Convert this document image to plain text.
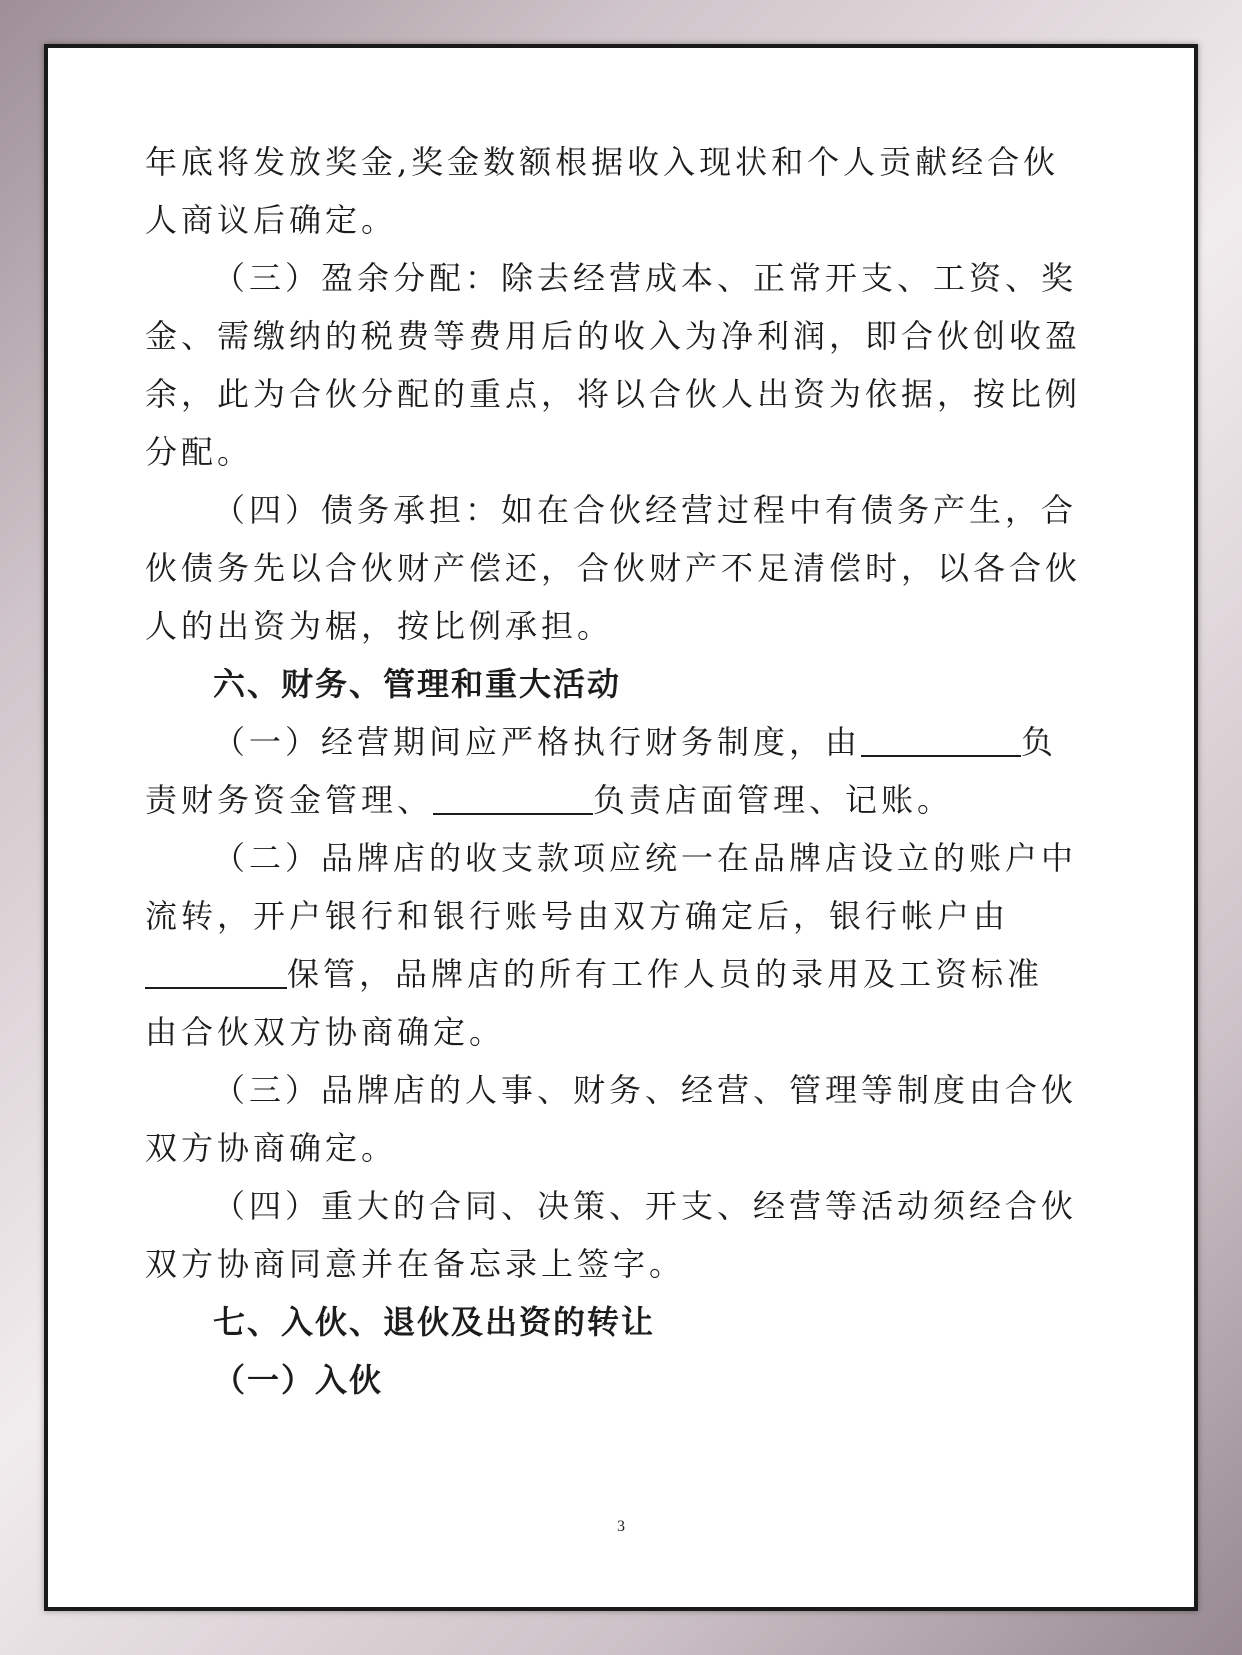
年底将发放奖金,奖金数额根据收入现状和个人贡献经合伙
人商议后确定。
（三）盈余分配：除去经营成本、正常开支、工资、奖
金、需缴纳的税费等费用后的收入为净利润，即合伙创收盈
余，此为合伙分配的重点，将以合伙人出资为依据，按比例
分配。
（四）债务承担：如在合伙经营过程中有债务产生，合
伙债务先以合伙财产偿还，合伙财产不足清偿时，以各合伙
人的出资为椐，按比例承担。
六、财务、管理和重大活动
（一）经营期间应严格执行财务制度，由	负
责财务资金管理、	负责店面管理、记账。
（二）品牌店的收支款项应统一在品牌店设立的账户中
流转，开户银行和银行账号由双方确定后，银行帐户由
保管，品牌店的所有工作人员的录用及工资标准
由合伙双方协商确定。
（三）品牌店的人事、财务、经营、管理等制度由合伙
双方协商确定。
（四）重大的合同、决策、开支、经营等活动须经合伙
双方协商同意并在备忘录上签字。
七、入伙、退伙及出资的转让
（一）入伙
3
